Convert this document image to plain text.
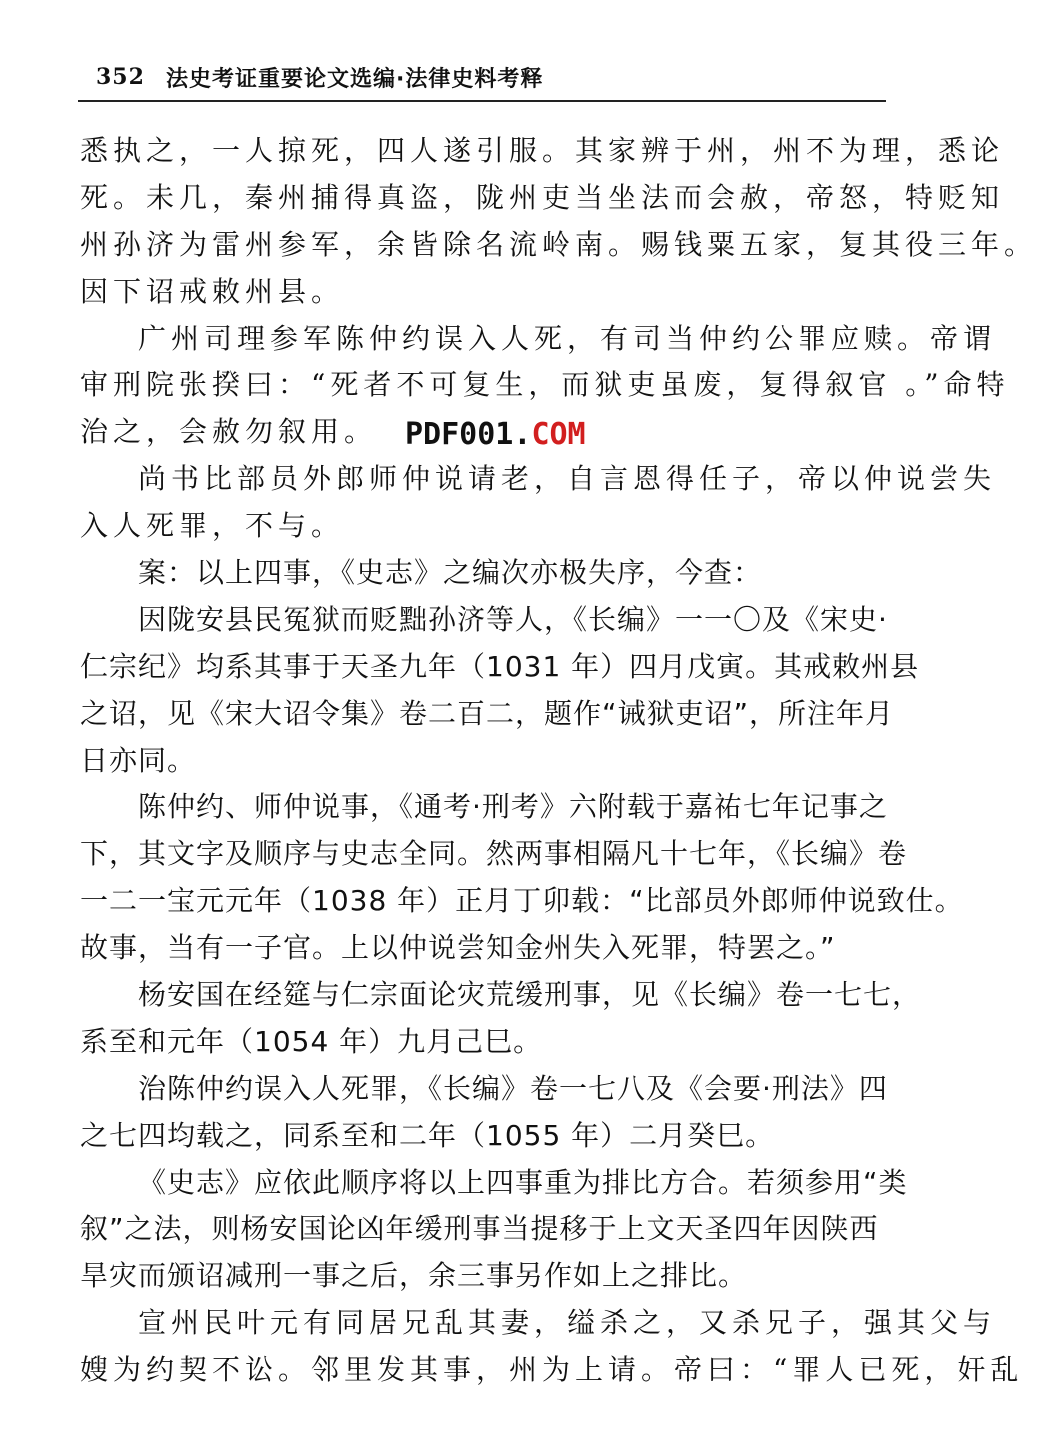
352 法史考证重要论文选编·法律史料考释
悉执之，一人掠死，四人遂引服。其家辨于州，州不为理，悉论
死。未几，秦州捕得真盗，陇州吏当坐法而会赦，帝怒，特贬知
州孙济为雷州参军，余皆除名流岭南。赐钱粟五家，复其役三年。
因下诏戒敕州县。
广州司理参军陈仲约误入人死，有司当仲约公罪应赎。帝谓
审刑院张揆曰：“死者不可复生，而狱吏虽废，复得叙官 。”命特
治之，会赦勿叙用。
尚书比部员外郎师仲说请老，自言恩得任子，帝以仲说尝失
入人死罪，不与。
案：以上四事，《史志》之编次亦极失序，今查：
因陇安县民冤狱而贬黜孙济等人，《长编》一一〇及《宋史·
仁宗纪》均系其事于天圣九年（1031 年）四月戊寅。其戒敕州县
之诏，见《宋大诏令集》卷二百二，题作“诫狱吏诏”，所注年月
日亦同。
陈仲约、师仲说事，《通考·刑考》六附载于嘉祐七年记事之
下，其文字及顺序与史志全同。然两事相隔凡十七年，《长编》卷
一二一宝元元年（1038 年）正月丁卯载：“比部员外郎师仲说致仕。
故事，当有一子官。上以仲说尝知金州失入死罪，特罢之。”
杨安国在经筵与仁宗面论灾荒缓刑事，见《长编》卷一七七，
系至和元年（1054 年）九月己巳。
治陈仲约误入人死罪，《长编》卷一七八及《会要·刑法》四
之七四均载之，同系至和二年（1055 年）二月癸巳。
《史志》应依此顺序将以上四事重为排比方合。若须参用“类
叙”之法，则杨安国论凶年缓刑事当提移于上文天圣四年因陕西
旱灾而颁诏减刑一事之后，余三事另作如上之排比。
宣州民叶元有同居兄乱其妻，缢杀之，又杀兄子，强其父与
嫂为约契不讼。邻里发其事，州为上请。帝曰：“罪人已死，奸乱
PDF001.COM
